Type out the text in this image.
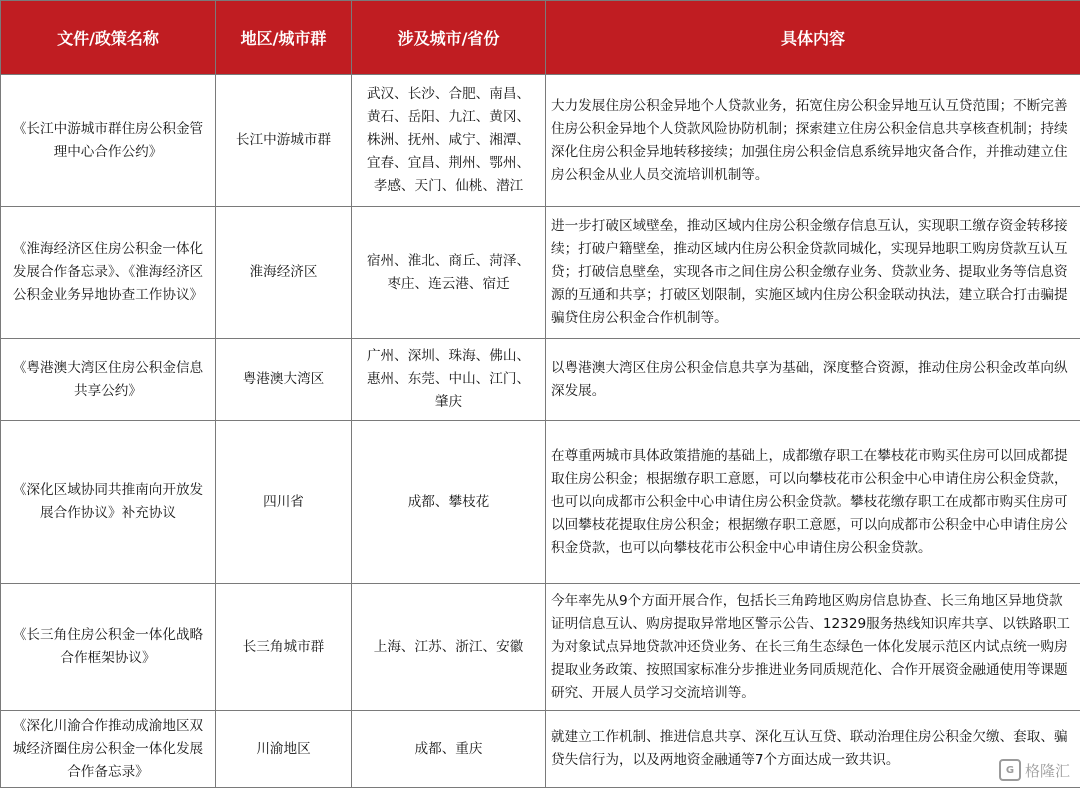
文件/政策名称	地区/城市群	涉及城市/省份	具体内容
《长江中游城市群住房公积金管理中心合作公约》	长江中游城市群	武汉、长沙、合肥、南昌、黄石、岳阳、九江、黄冈、株洲、抚州、咸宁、湘潭、宜春、宜昌、荆州、鄂州、孝感、天门、仙桃、潜江	大力发展住房公积金异地个人贷款业务，拓宽住房公积金异地互认互贷范围；不断完善住房公积金异地个人贷款风险协防机制；探索建立住房公积金信息共享核查机制；持续深化住房公积金异地转移接续；加强住房公积金信息系统异地灾备合作，并推动建立住房公积金从业人员交流培训机制等。
《淮海经济区住房公积金一体化发展合作备忘录》、《淮海经济区公积金业务异地协查工作协议》	淮海经济区	宿州、淮北、商丘、菏泽、枣庄、连云港、宿迁	进一步打破区域壁垒，推动区域内住房公积金缴存信息互认，实现职工缴存资金转移接续；打破户籍壁垒，推动区域内住房公积金贷款同城化，实现异地职工购房贷款互认互贷；打破信息壁垒，实现各市之间住房公积金缴存业务、贷款业务、提取业务等信息资源的互通和共享；打破区划限制，实施区域内住房公积金联动执法，建立联合打击骗提骗贷住房公积金合作机制等。
《粤港澳大湾区住房公积金信息共享公约》	粤港澳大湾区	广州、深圳、珠海、佛山、惠州、东莞、中山、江门、肇庆	以粤港澳大湾区住房公积金信息共享为基础，深度整合资源，推动住房公积金改革向纵深发展。
《深化区域协同共推南向开放发展合作协议》补充协议	四川省	成都、攀枝花	在尊重两城市具体政策措施的基础上，成都缴存职工在攀枝花市购买住房可以回成都提取住房公积金；根据缴存职工意愿，可以向攀枝花市公积金中心申请住房公积金贷款，也可以向成都市公积金中心申请住房公积金贷款。攀枝花缴存职工在成都市购买住房可以回攀枝花提取住房公积金；根据缴存职工意愿，可以向成都市公积金中心申请住房公积金贷款，也可以向攀枝花市公积金中心申请住房公积金贷款。
《长三角住房公积金一体化战略合作框架协议》	长三角城市群	上海、江苏、浙江、安徽	今年率先从9个方面开展合作，包括长三角跨地区购房信息协查、长三角地区异地贷款证明信息互认、购房提取异常地区警示公告、12329服务热线知识库共享、以铁路职工为对象试点异地贷款冲还贷业务、在长三角生态绿色一体化发展示范区内试点统一购房提取业务政策、按照国家标准分步推进业务同质规范化、合作开展资金融通使用等课题研究、开展人员学习交流培训等。
《深化川渝合作推动成渝地区双城经济圈住房公积金一体化发展合作备忘录》	川渝地区	成都、重庆	就建立工作机制、推进信息共享、深化互认互贷、联动治理住房公积金欠缴、套取、骗贷失信行为，以及两地资金融通等7个方面达成一致共识。
G 格隆汇
